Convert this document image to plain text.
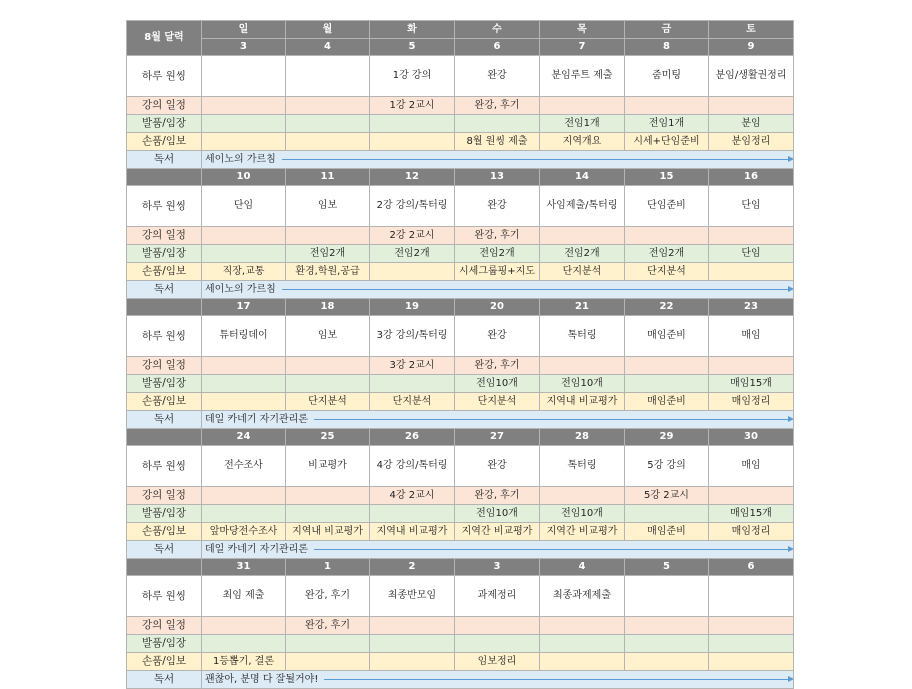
8월 달력	일	월	화	수	목	금	토
	3	4	5	6	7	8	9
하루 원씽			1강 강의	완강	분임루트 제출	줌미팅	분임/생활권정리
강의 일정			1강 2교시	완강, 후기			
발품/임장					전임1개	전임1개	분임
손품/임보				8월 원씽 제출	지역개요	시세+단임준비	분임정리
독서	세이노의 가르침						
	10	11	12	13	14	15	16
하루 원씽	단임	임보	2강 강의/톡터링	완강	사임제출/톡터링	단임준비	단임
강의 일정			2강 2교시	완강, 후기			
발품/임장		전임2개	전임2개	전임2개	전임2개	전임2개	단임
손품/임보	직장,교통	환경,학원,공급		시세그룹핑+지도	단지분석	단지분석	
독서	세이노의 가르침						
	17	18	19	20	21	22	23
하루 원씽	튜터링데이	임보	3강 강의/톡터링	완강	톡터링	매임준비	매임
강의 일정			3강 2교시	완강, 후기			
발품/임장				전임10개	전임10개		매임15개
손품/임보		단지분석	단지분석	단지분석	지역내 비교평가	매임준비	매임정리
독서	데일 카네기 자기관리론						
	24	25	26	27	28	29	30
하루 원씽	전수조사	비교평가	4강 강의/톡터링	완강	톡터링	5강 강의	매임
강의 일정			4강 2교시	완강, 후기		5강 2교시	
발품/임장				전임10개	전임10개		매임15개
손품/임보	앞마당전수조사	지역내 비교평가	지역내 비교평가	지역간 비교평가	지역간 비교평가	매임준비	매임정리
독서	데일 카네기 자기관리론						
	31	1	2	3	4	5	6
하루 원씽	최임 제출	완강, 후기	최종반모임	과제정리	최종과제제출		
강의 일정		완강, 후기					
발품/임장							
손품/임보	1등뽑기, 결론			임보정리			
독서	괜찮아, 분명 다 잘될거야!						
